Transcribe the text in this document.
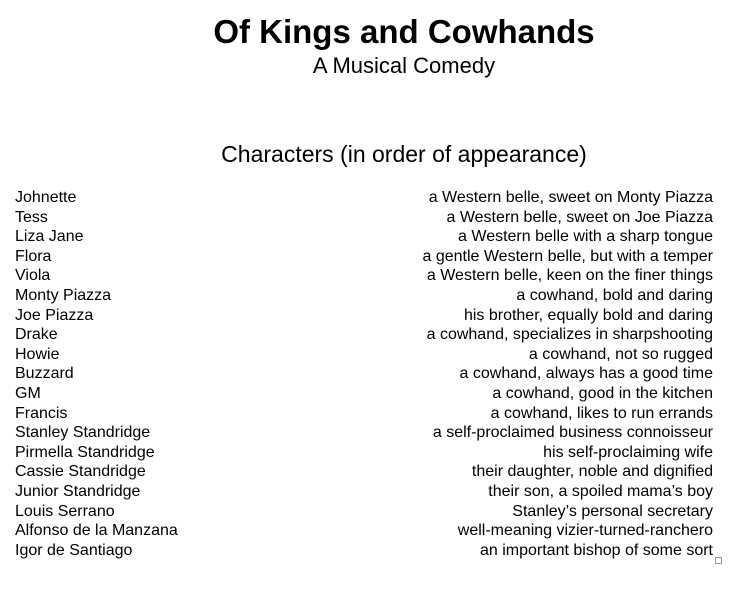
Of Kings and Cowhands
A Musical Comedy
Characters (in order of appearance)
Johnette	a Western belle, sweet on Monty Piazza
Tess	a Western belle, sweet on Joe Piazza
Liza Jane	a Western belle with a sharp tongue
Flora	a gentle Western belle, but with a temper
Viola	a Western belle, keen on the finer things
Monty Piazza	a cowhand, bold and daring
Joe Piazza	his brother, equally bold and daring
Drake	a cowhand, specializes in sharpshooting
Howie	a cowhand, not so rugged
Buzzard	a cowhand, always has a good time
GM	a cowhand, good in the kitchen
Francis	a cowhand, likes to run errands
Stanley Standridge	a self-proclaimed business connoisseur
Pirmella Standridge	his self-proclaiming wife
Cassie Standridge	their daughter, noble and dignified
Junior Standridge	their son, a spoiled mama’s boy
Louis Serrano	Stanley’s personal secretary
Alfonso de la Manzana	well-meaning vizier-turned-ranchero
Igor de Santiago	an important bishop of some sort
